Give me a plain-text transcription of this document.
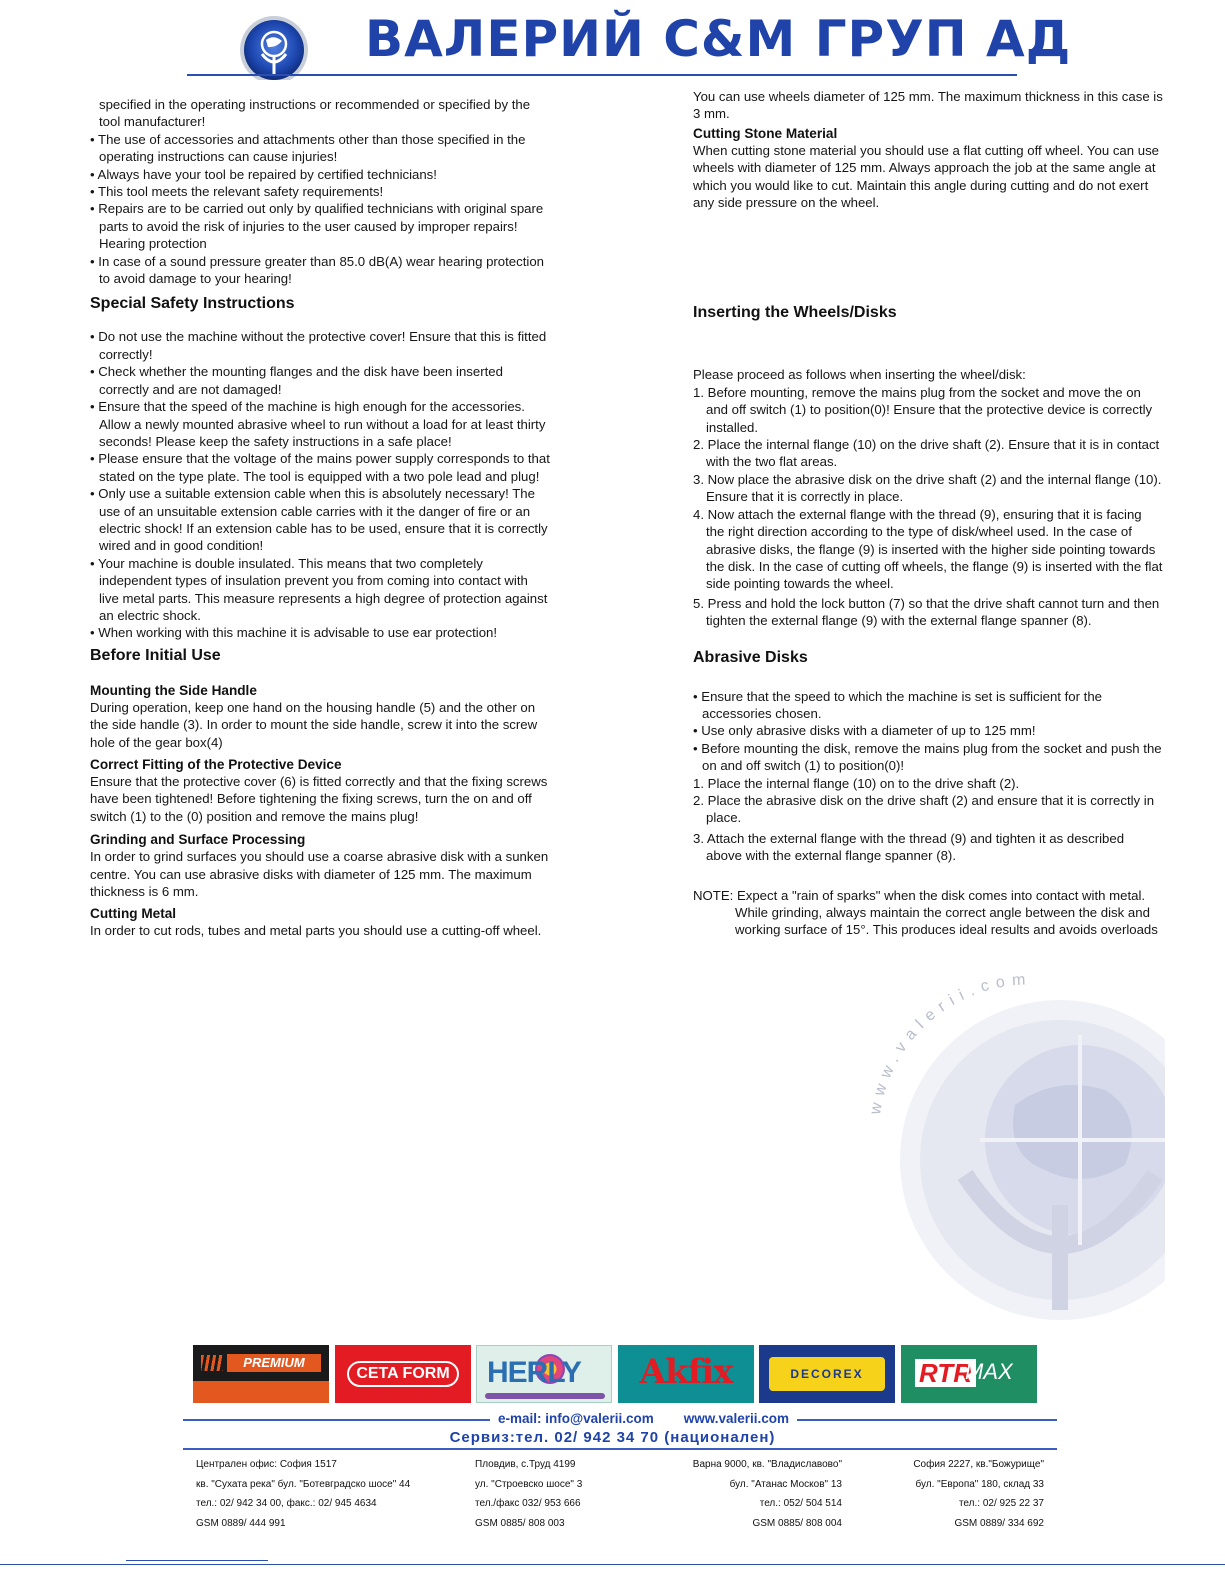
ВАЛЕРИЙ С&M ГРУП АД

specified in the operating instructions or recommended or specified by the tool manufacturer!

• The use of accessories and attachments other than those specified in the operating instructions can cause injuries!

• Always have your tool be repaired by certified technicians!

• This tool meets the relevant safety requirements!

• Repairs are to be carried out only by qualified technicians with original spare parts to avoid the risk of injuries to the user caused by improper repairs! Hearing protection

• In case of a sound pressure greater than 85.0 dB(A) wear hearing protection to avoid damage to your hearing!

Special Safety Instructions

• Do not use the machine without the protective cover! Ensure that this is fitted correctly!

• Check whether the mounting flanges and the disk have been inserted correctly and are not damaged!

• Ensure that the speed of the machine is high enough for the accessories. Allow a newly mounted abrasive wheel to run without a load for at least thirty seconds! Please keep the safety instructions in a safe place!

• Please ensure that the voltage of the mains power supply corresponds to that stated on the type plate. The tool is equipped with a two pole lead and plug!

• Only use a suitable extension cable when this is absolutely necessary! The use of an unsuitable extension cable carries with it the danger of fire or an electric shock! If an extension cable has to be used, ensure that it is correctly wired and in good condition!

• Your machine is double insulated. This means that two completely independent types of insulation prevent you from coming into contact with live metal parts. This measure represents a high degree of protection against an electric shock.

• When working with this machine it is advisable to use ear protection!

Before Initial Use

Mounting the Side Handle

During operation, keep one hand on the housing handle (5) and the other on the side handle (3). In order to mount the side handle, screw it into the screw hole of the gear box(4)

Correct Fitting of the Protective Device

Ensure that the protective cover (6) is fitted correctly and that the fixing screws have been tightened! Before tightening the fixing screws, turn the on and off switch (1) to the (0) position and remove the mains plug!

Grinding and Surface Processing

In order to grind surfaces you should use a coarse abrasive disk with a sunken centre. You can use abrasive disks with diameter of 125 mm. The maximum thickness is 6 mm.

Cutting Metal

In order to cut rods, tubes and metal parts you should use a cutting-off wheel.

You can use wheels diameter of 125 mm. The maximum thickness in this case is 3 mm.

Cutting Stone Material

When cutting stone material you should use a flat cutting off wheel. You can use wheels with diameter of 125 mm. Always approach the job at the same angle at which you would like to cut. Maintain this angle during cutting and do not exert any side pressure on the wheel.

Inserting the Wheels/Disks

Please proceed as follows when inserting the wheel/disk:

1. Before mounting, remove the mains plug from the socket and move the on and off switch (1) to position(0)! Ensure that the protective device is correctly installed.

2. Place the internal flange (10) on the drive shaft (2). Ensure that it is in contact with the two flat areas.

3. Now place the abrasive disk on the drive shaft (2) and the internal flange (10). Ensure that it is correctly in place.

4. Now attach the external flange with the thread (9), ensuring that it is facing the right direction according to the type of disk/wheel used. In the case of abrasive disks, the flange (9) is inserted with the higher side pointing towards the disk. In the case of cutting off wheels, the flange (9) is inserted with the flat side pointing towards the wheel.

5. Press and hold the lock button (7) so that the drive shaft cannot turn and then tighten the external flange (9) with the external flange spanner (8).

Abrasive Disks

• Ensure that the speed to which the machine is set is sufficient for the accessories chosen.

• Use only abrasive disks with a diameter of up to 125 mm!

• Before mounting the disk, remove the mains plug from the socket and push the on and off switch (1) to position(0)!

1. Place the internal flange (10) on to the drive shaft (2).

2. Place the abrasive disk on the drive shaft (2) and ensure that it is correctly in place.

3. Attach the external flange with the thread (9) and tighten it as described above with the external flange spanner (8).

NOTE: Expect a "rain of sparks" when the disk comes into contact with metal. While grinding, always maintain the correct angle between the disk and working surface of 15°. This produces ideal results and avoids overloads

www.valerii.com
PREMIUM
CETA FORM	HERLY	Akfix	DECOREX	RTR
MAX
e-mail: info@valerii.com www.valerii.com
Сервиз:тел. 02/ 942 34 70 (национален)
Централен офис: София 1517
кв. "Сухата река" бул. "Ботевградско шосе" 44
тел.: 02/ 942 34 00, факс.: 02/ 945 4634
GSM 0889/ 444 991
Пловдив, с.Труд 4199
ул. "Строевско шосе" 3
тел./факс 032/ 953 666
GSM 0885/ 808 003
Варна 9000, кв. "Владиславово"
бул. "Атанас Москов" 13
тел.: 052/ 504 514
GSM 0885/ 808 004
София 2227, кв."Божурище"
бул. "Европа" 180, склад 33
тел.: 02/ 925 22 37
GSM 0889/ 334 692
